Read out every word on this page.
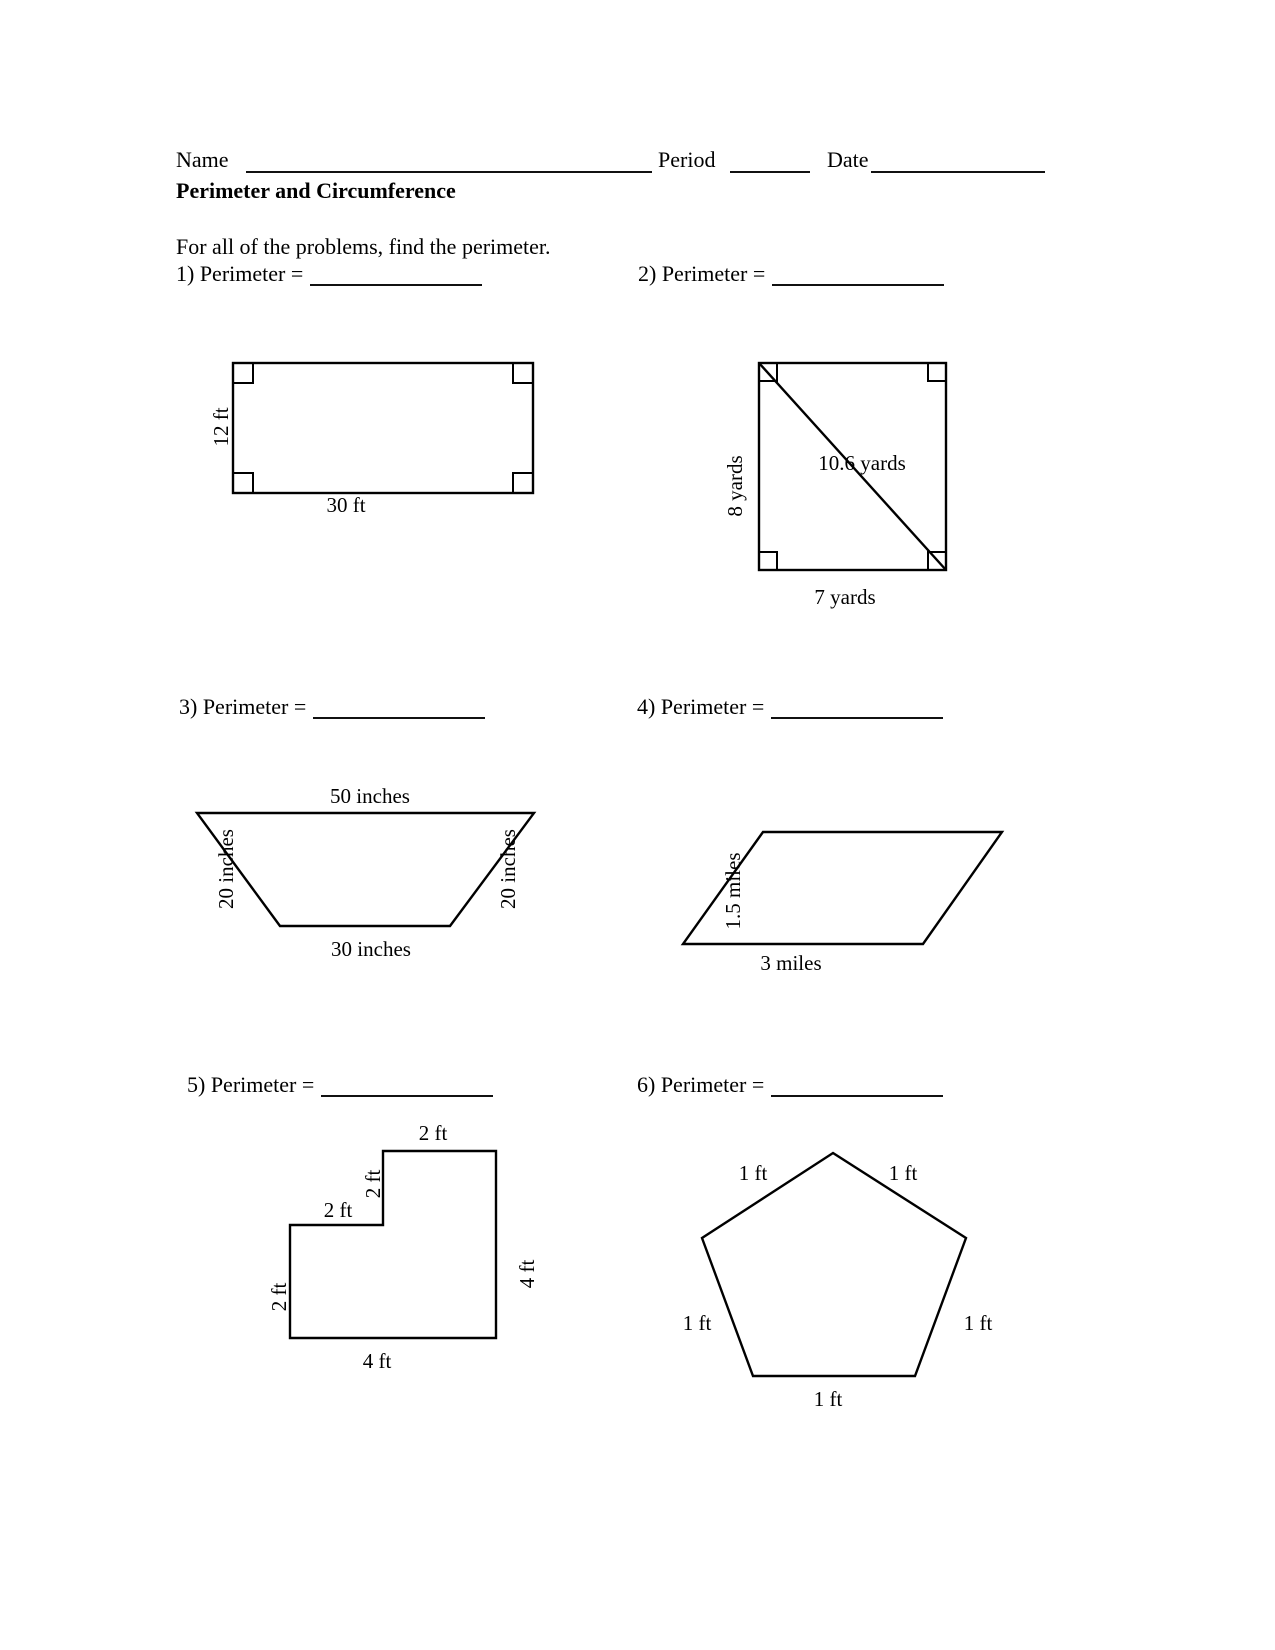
Name	Period	Date
Perimeter and Circumference
For all of the problems, find the perimeter.
1) Perimeter =	2) Perimeter =
3) Perimeter =	4) Perimeter =
5) Perimeter =	6) Perimeter =
12 ft
30 ft	8 yards	10.6 yards
7 yards
50 inches
20 inches	20 inches
30 inches
1.5 miles
3 miles
2 ft
2 ft
2 ft
2 ft
4 ft
4 ft
1 ft	1 ft
1 ft	1 ft
1 ft
